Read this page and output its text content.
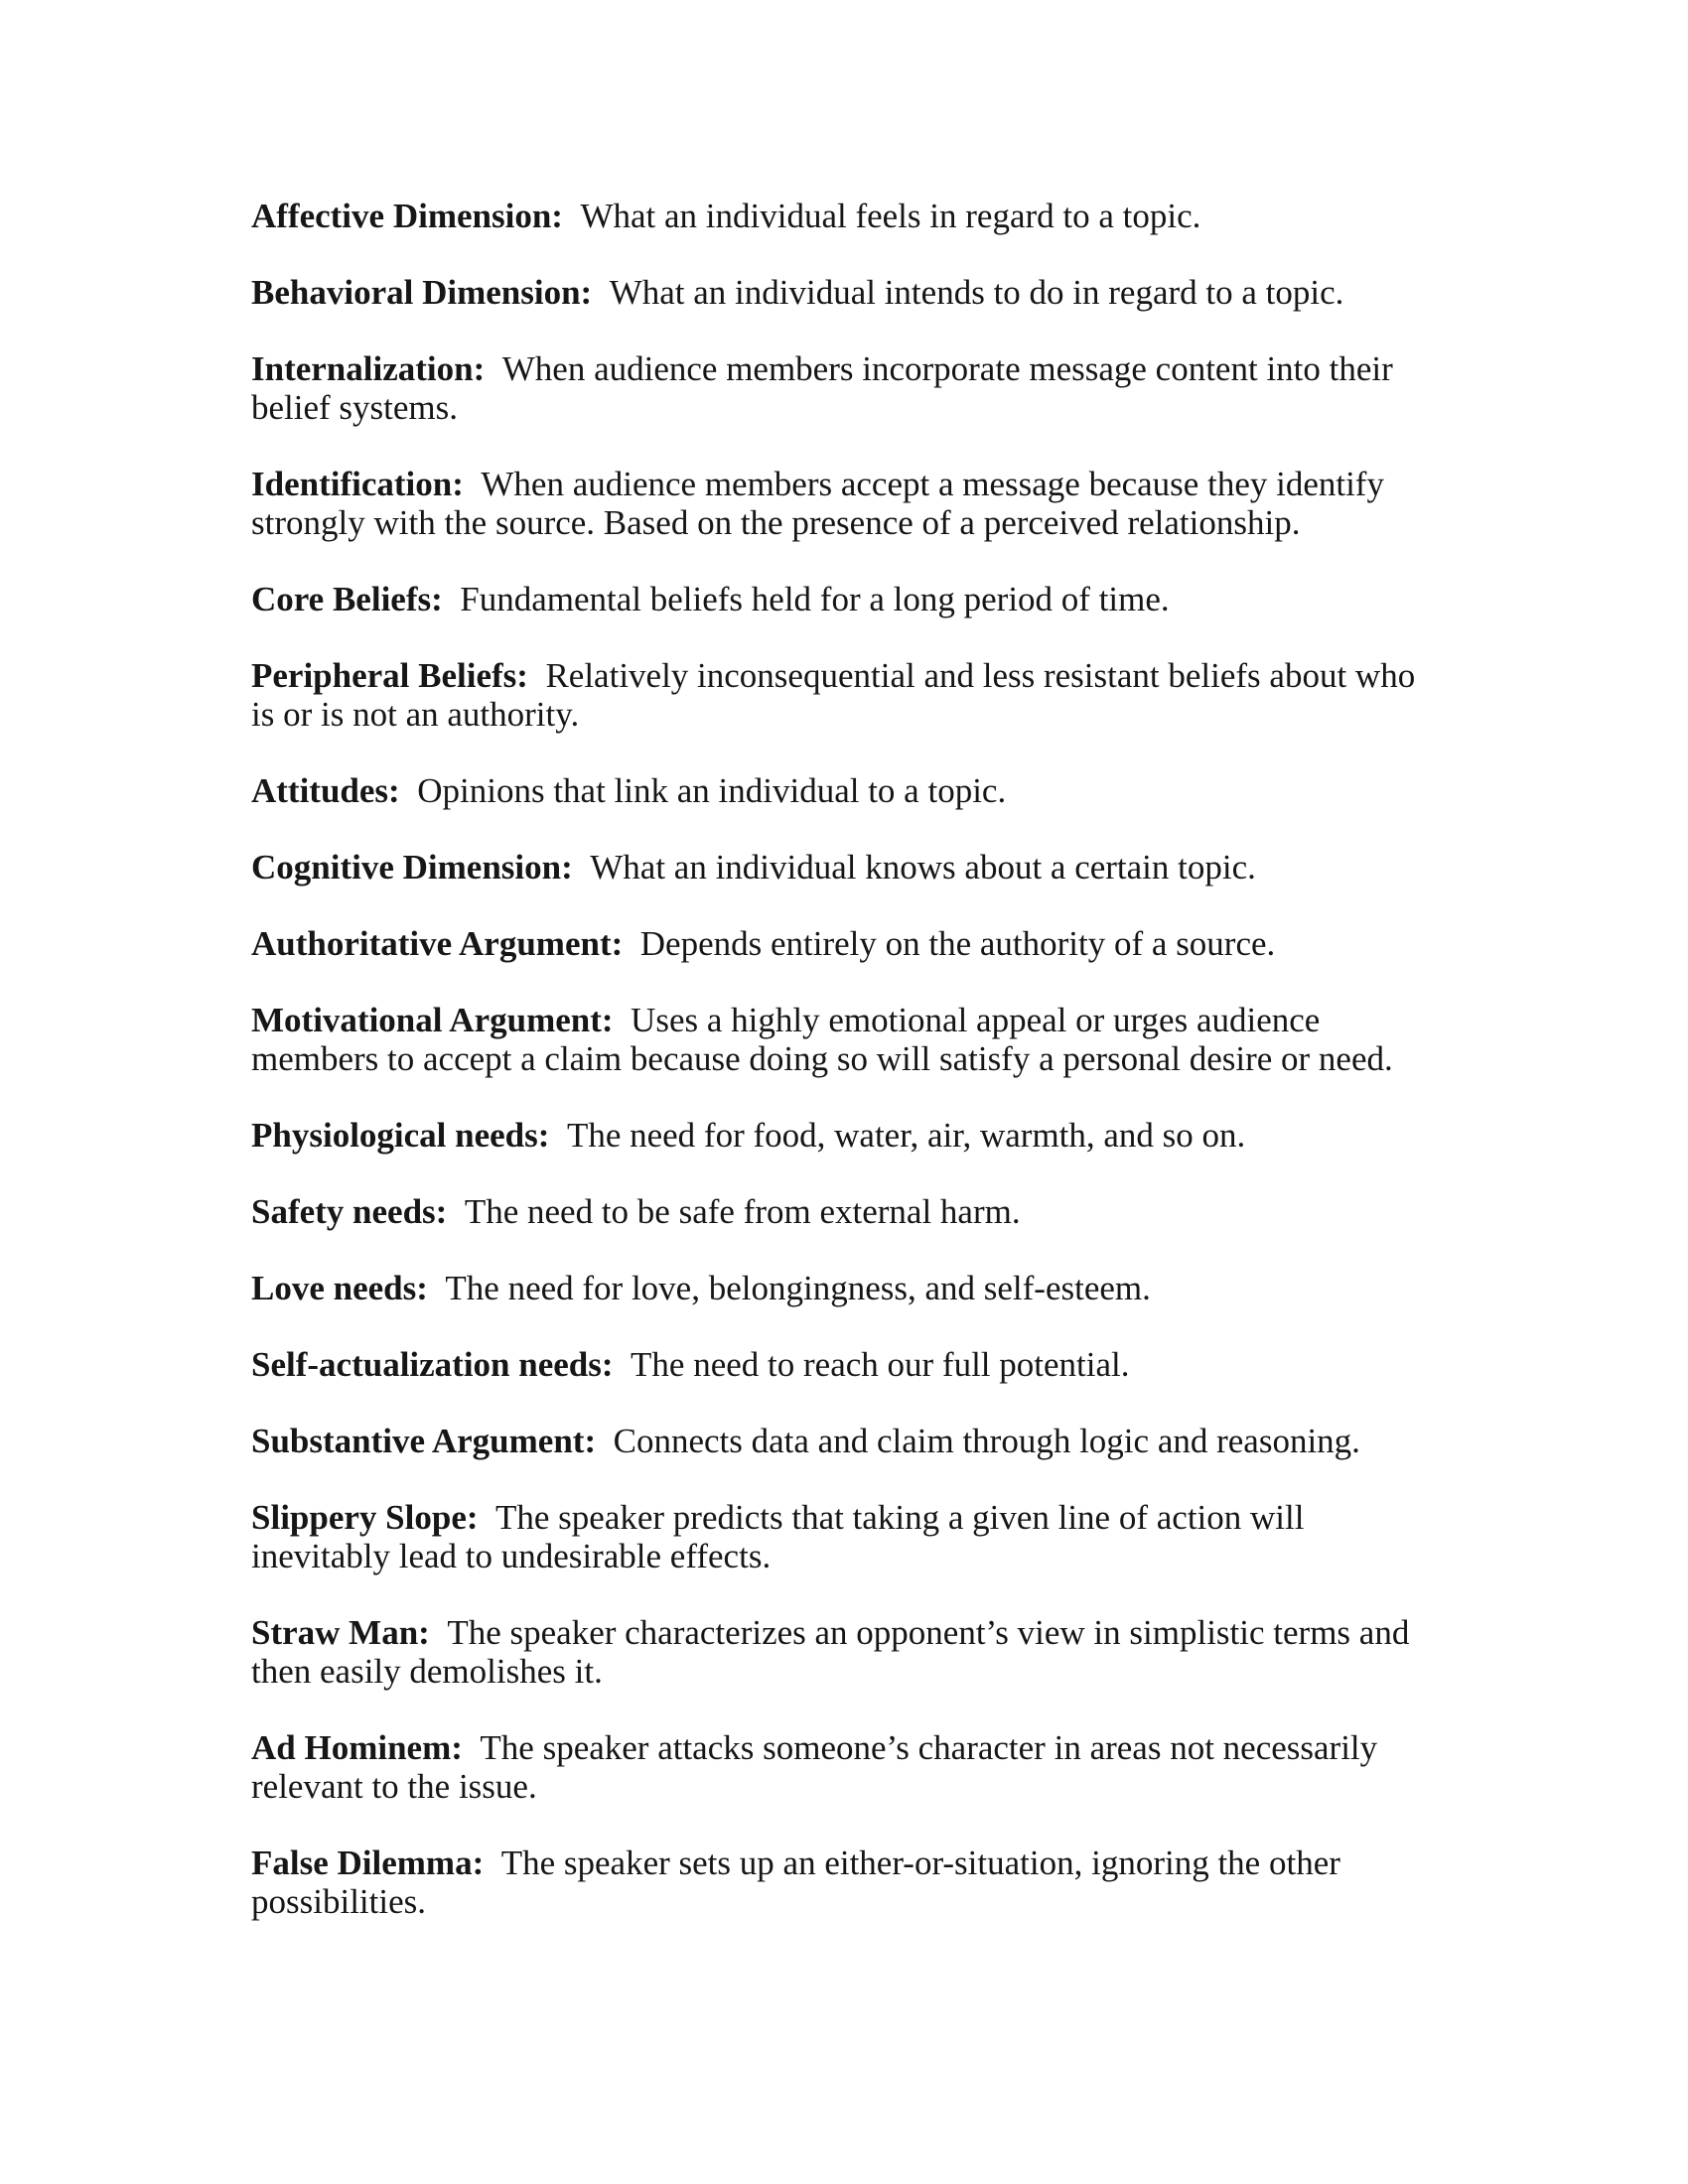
Affective Dimension: What an individual feels in regard to a topic.

Behavioral Dimension: What an individual intends to do in regard to a topic.

Internalization: When audience members incorporate message content into their belief systems.

Identification: When audience members accept a message because they identify strongly with the source. Based on the presence of a perceived relationship.

Core Beliefs: Fundamental beliefs held for a long period of time.

Peripheral Beliefs: Relatively inconsequential and less resistant beliefs about who is or is not an authority.

Attitudes: Opinions that link an individual to a topic.

Cognitive Dimension: What an individual knows about a certain topic.

Authoritative Argument: Depends entirely on the authority of a source.

Motivational Argument: Uses a highly emotional appeal or urges audience members to accept a claim because doing so will satisfy a personal desire or need.

Physiological needs: The need for food, water, air, warmth, and so on.

Safety needs: The need to be safe from external harm.

Love needs: The need for love, belongingness, and self-esteem.

Self-actualization needs: The need to reach our full potential.

Substantive Argument: Connects data and claim through logic and reasoning.

Slippery Slope: The speaker predicts that taking a given line of action will inevitably lead to undesirable effects.

Straw Man: The speaker characterizes an opponent’s view in simplistic terms and then easily demolishes it.

Ad Hominem: The speaker attacks someone’s character in areas not necessarily relevant to the issue.

False Dilemma: The speaker sets up an either-or-situation, ignoring the other possibilities.
